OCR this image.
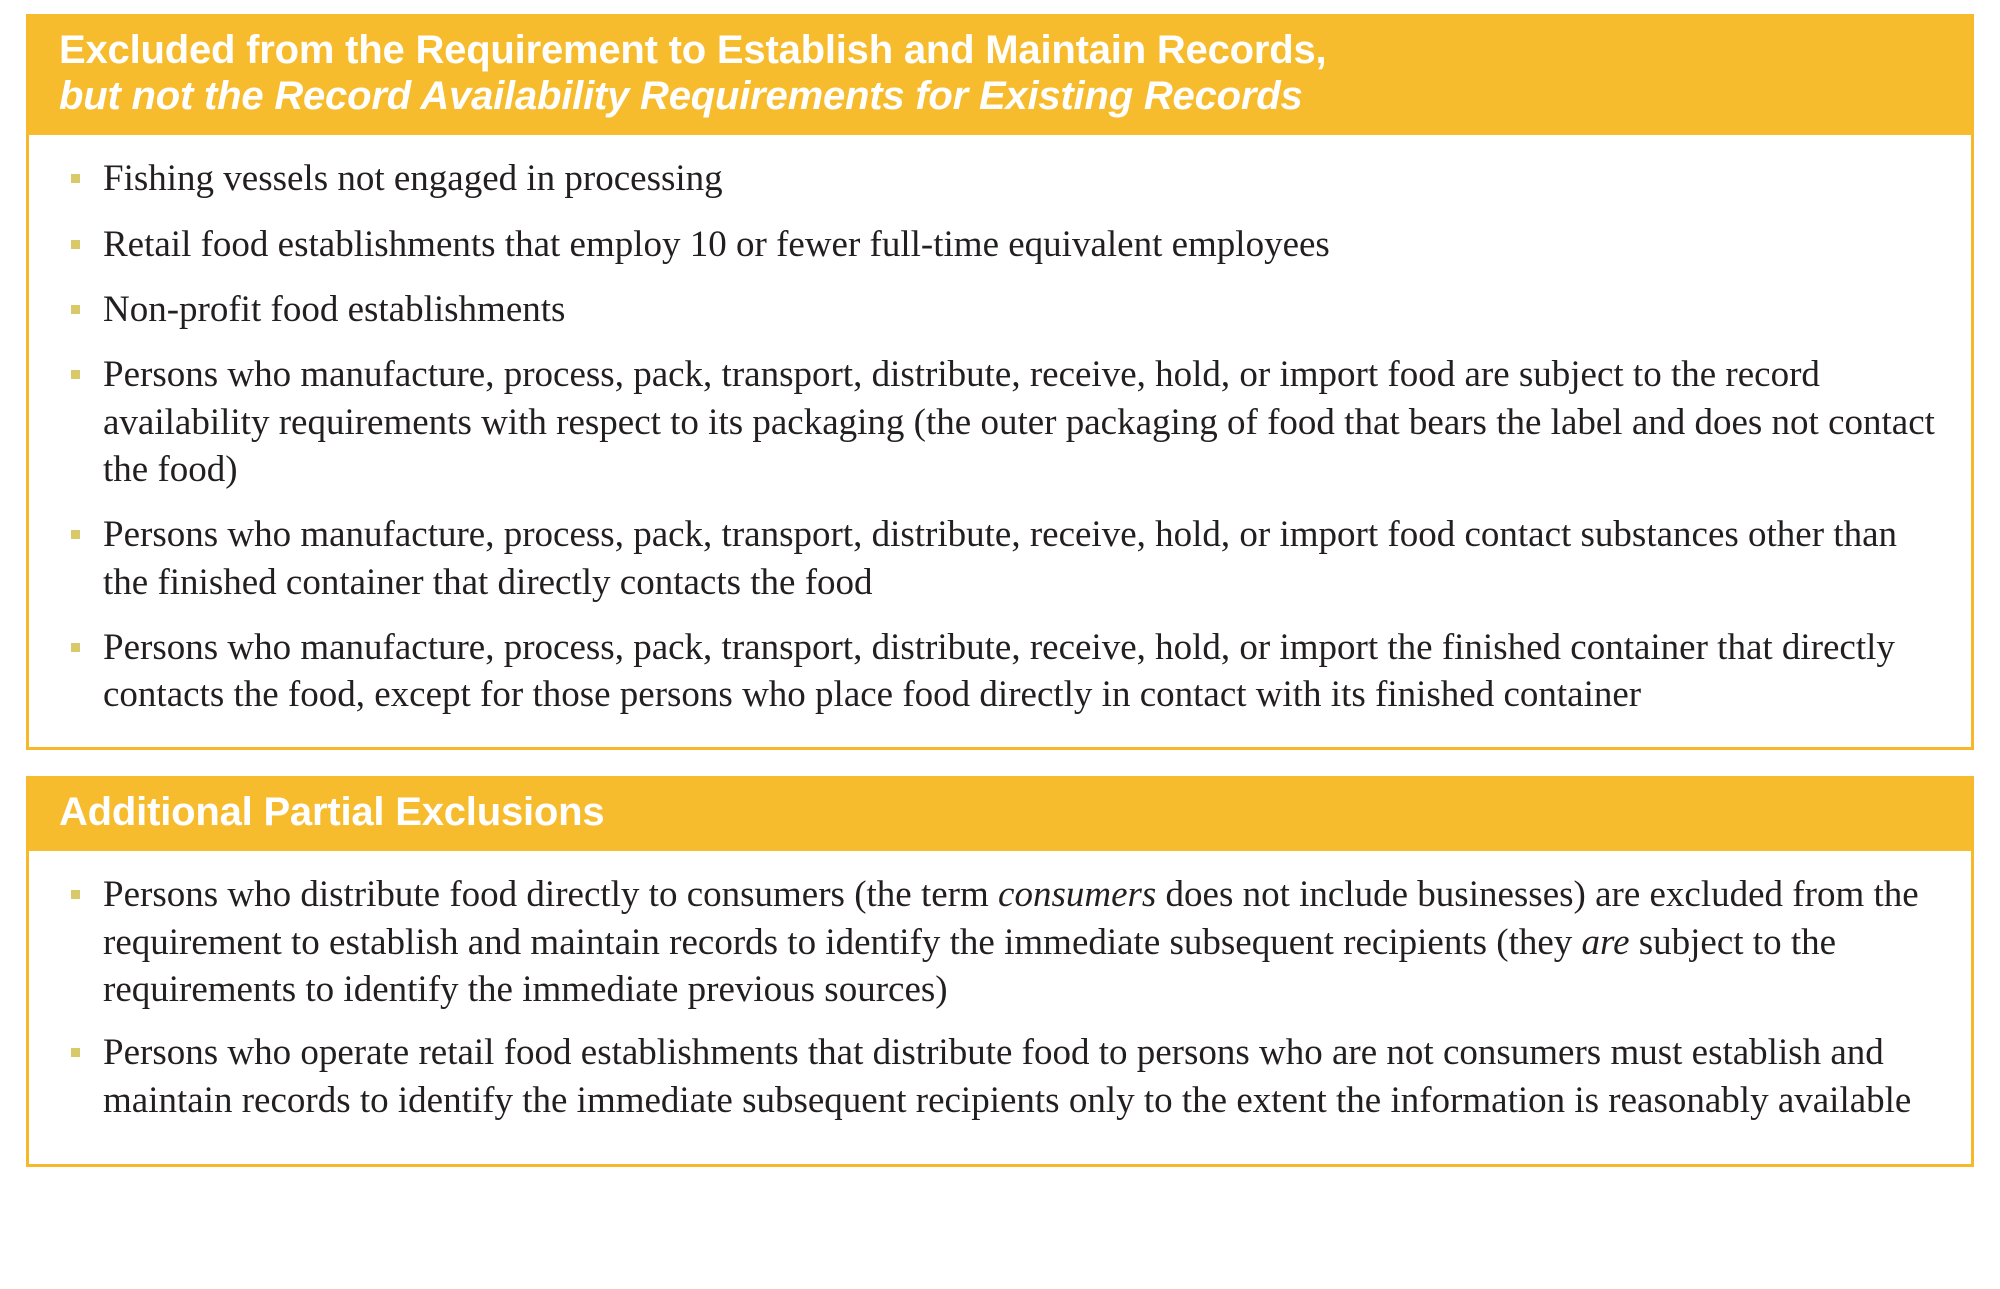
Excluded from the Requirement to Establish and Maintain Records,
but not the Record Availability Requirements for Existing Records
Fishing vessels not engaged in processing
Retail food establishments that employ 10 or fewer full-time equivalent employees
Non-profit food establishments
Persons who manufacture, process, pack, transport, distribute, receive, hold, or import food are subject to the record availability requirements with respect to its packaging (the outer packaging of food that bears the label and does not contact the food)
Persons who manufacture, process, pack, transport, distribute, receive, hold, or import food contact substances other than the finished container that directly contacts the food
Persons who manufacture, process, pack, transport, distribute, receive, hold, or import the finished container that directly contacts the food, except for those persons who place food directly in contact with its finished container
Additional Partial Exclusions
Persons who distribute food directly to consumers (the term consumers does not include businesses) are excluded from the requirement to establish and maintain records to identify the immediate subsequent recipients (they are subject to the requirements to identify the immediate previous sources)
Persons who operate retail food establishments that distribute food to persons who are not consumers must establish and maintain records to identify the immediate subsequent recipients only to the extent the information is reasonably available
